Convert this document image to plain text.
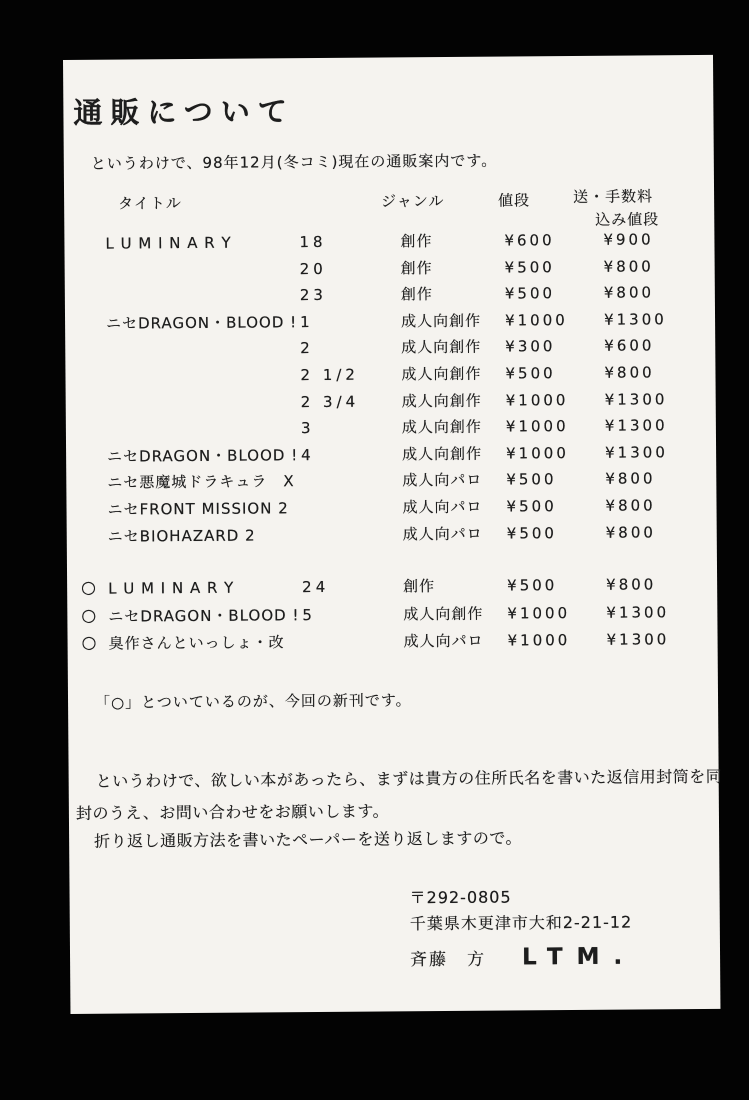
通販について

というわけで、98年12月(冬コミ)現在の通販案内です。

タイトル	ジャンル	値段	送・手数料
込み値段
L U M I N A R Y	18	創作	¥600	¥900
20	創作	¥500	¥800
23	創作	¥500	¥800
ニセDRAGON・BLOOD ! 1	成人向創作 ¥1000 ¥1300
2	成人向創作 ¥300	¥600
2 1/2	成人向創作 ¥500	¥800
2 3/4	成人向創作 ¥1000 ¥1300
3	成人向創作 ¥1000 ¥1300
ニセDRAGON・BLOOD ! 4	成人向創作 ¥1000 ¥1300
ニセ悪魔城ドラキュラ　X	成人向パロ ¥500	¥800
ニセFRONT MISSION 2	成人向パロ ¥500	¥800
ニセBIOHAZARD 2	成人向パロ ¥500	¥800
○ L U M I N A R Y	24	創作	¥500	¥800
○ ニセDRAGON・BLOOD ! 5	成人向創作 ¥1000 ¥1300
○ 臭作さんといっしょ・改	成人向パロ ¥1000 ¥1300

「○」とついているのが、今回の新刊です。

というわけで、欲しい本があったら、まずは貴方の住所氏名を書いた返信用封筒を同

封のうえ、お問い合わせをお願いします。

折り返し通販方法を書いたペーパーを送り返しますので。

〒292-0805
千葉県木更津市大和2-21-12
斉藤　方 LTM.
